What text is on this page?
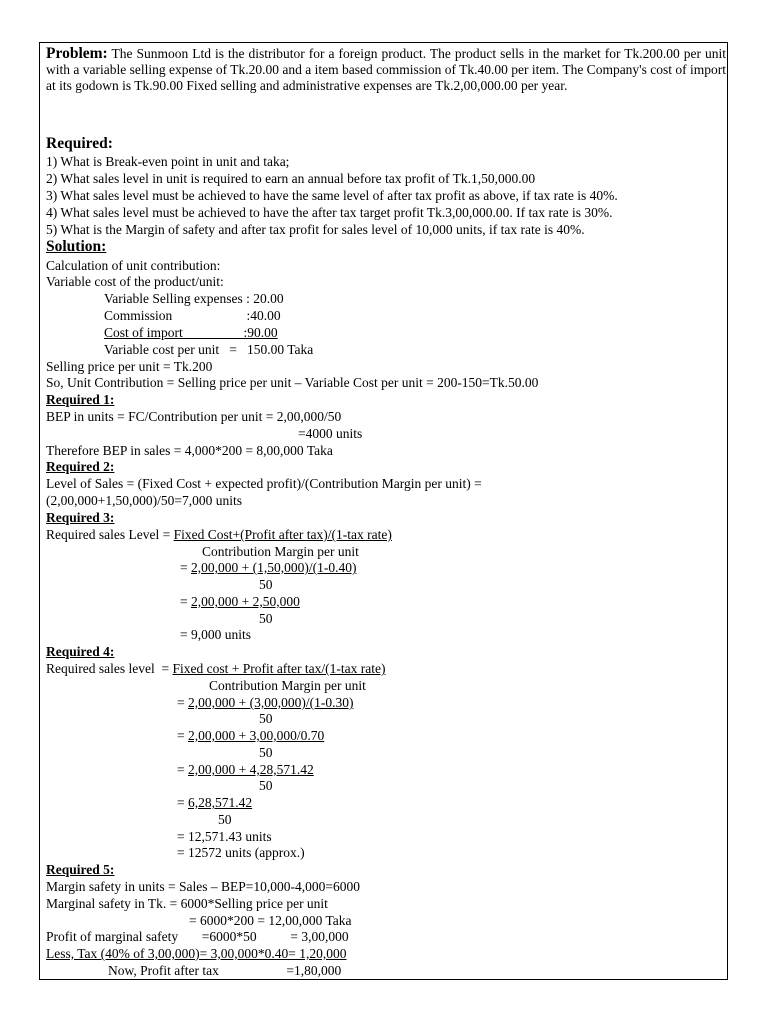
Problem: The Sunmoon Ltd is the distributor for a foreign product. The product sells in the market for Tk.200.00 per unit with a variable selling expense of Tk.20.00 and a item based commission of Tk.40.00 per item. The Company's cost of import at its godown is Tk.90.00 Fixed selling and administrative expenses are Tk.2,00,000.00 per year.
Required:
1) What is Break-even point in unit and taka;
2) What sales level in unit is required to earn an annual before tax profit of Tk.1,50,000.00
3) What sales level must be achieved to have the same level of after tax profit as above, if tax rate is 40%.
4) What sales level must be achieved to have the after tax target profit Tk.3,00,000.00. If tax rate is 30%.
5) What is the Margin of safety and after tax profit for sales level of 10,000 units, if tax rate is 40%.
Solution:
Calculation of unit contribution:
Variable cost of the product/unit:
Variable Selling expenses : 20.00
Commission                      :40.00
Cost of import                  :90.00
Variable cost per unit   =   150.00 Taka
Selling price per unit = Tk.200
So, Unit Contribution = Selling price per unit – Variable Cost per unit = 200-150=Tk.50.00
Required 1:
BEP in units = FC/Contribution per unit = 2,00,000/50
=4000 units
Therefore BEP in sales = 4,000*200 = 8,00,000 Taka
Required 2:
Level of Sales = (Fixed Cost + expected profit)/(Contribution Margin per unit) =
(2,00,000+1,50,000)/50=7,000 units
Required 3:
Required sales Level = Fixed Cost+(Profit after tax)/(1-tax rate)
Contribution Margin per unit
= 2,00,000 + (1,50,000)/(1-0.40)
50
= 2,00,000 + 2,50,000
50
= 9,000 units
Required 4:
Required sales level  = Fixed cost + Profit after tax/(1-tax rate)
Contribution Margin per unit
= 2,00,000 + (3,00,000)/(1-0.30)
50
= 2,00,000 + 3,00,000/0.70
50
= 2,00,000 + 4,28,571.42
50
= 6,28,571.42
50
= 12,571.43 units
= 12572 units (approx.)
Required 5:
Margin safety in units = Sales – BEP=10,000-4,000=6000
Marginal safety in Tk. = 6000*Selling price per unit
= 6000*200 = 12,00,000 Taka
Profit of marginal safety       =6000*50          = 3,00,000
Less, Tax (40% of 3,00,000)= 3,00,000*0.40= 1,20,000
Now, Profit after tax                    =1,80,000
